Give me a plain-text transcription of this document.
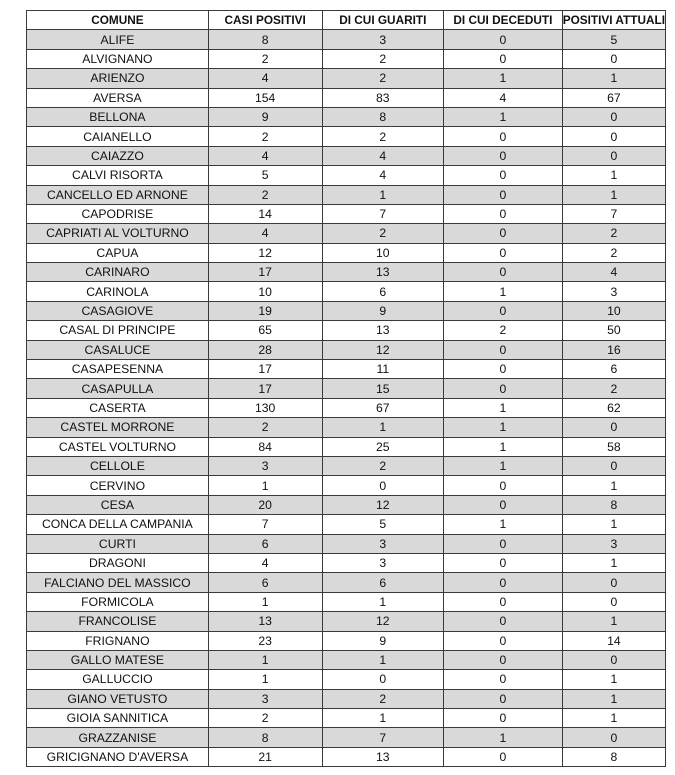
COMUNE	CASI POSITIVI	DI CUI GUARITI	DI CUI DECEDUTI	POSITIVI ATTUALI
ALIFE	8	3	0	5
ALVIGNANO	2	2	0	0
ARIENZO	4	2	1	1
AVERSA	154	83	4	67
BELLONA	9	8	1	0
CAIANELLO	2	2	0	0
CAIAZZO	4	4	0	0
CALVI RISORTA	5	4	0	1
CANCELLO ED ARNONE	2	1	0	1
CAPODRISE	14	7	0	7
CAPRIATI AL VOLTURNO	4	2	0	2
CAPUA	12	10	0	2
CARINARO	17	13	0	4
CARINOLA	10	6	1	3
CASAGIOVE	19	9	0	10
CASAL DI PRINCIPE	65	13	2	50
CASALUCE	28	12	0	16
CASAPESENNA	17	11	0	6
CASAPULLA	17	15	0	2
CASERTA	130	67	1	62
CASTEL MORRONE	2	1	1	0
CASTEL VOLTURNO	84	25	1	58
CELLOLE	3	2	1	0
CERVINO	1	0	0	1
CESA	20	12	0	8
CONCA DELLA CAMPANIA	7	5	1	1
CURTI	6	3	0	3
DRAGONI	4	3	0	1
FALCIANO DEL MASSICO	6	6	0	0
FORMICOLA	1	1	0	0
FRANCOLISE	13	12	0	1
FRIGNANO	23	9	0	14
GALLO MATESE	1	1	0	0
GALLUCCIO	1	0	0	1
GIANO VETUSTO	3	2	0	1
GIOIA SANNITICA	2	1	0	1
GRAZZANISE	8	7	1	0
GRICIGNANO D'AVERSA	21	13	0	8
